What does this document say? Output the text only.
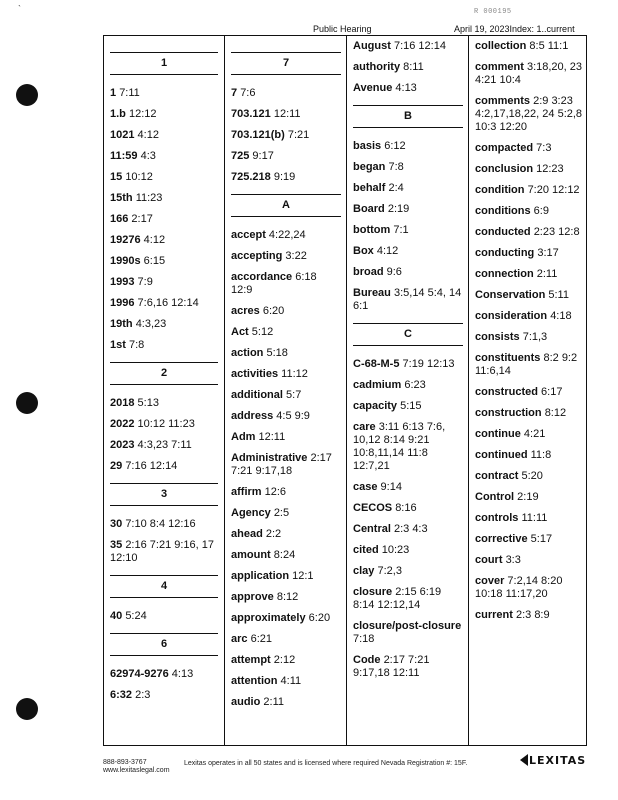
R 000195
`
Public Hearing	April 19, 2023Index: 1..current
1
1 7:11
1.b 12:12
1021 4:12
11:59 4:3
15 10:12
15th 11:23
166 2:17
19276 4:12
1990s 6:15
1993 7:9
1996 7:6,16 12:14
19th 4:3,23
1st 7:8
2
2018 5:13
2022 10:12 11:23
2023 4:3,23 7:11
29 7:16 12:14
3
30 7:10 8:4 12:16
35 2:16 7:21 9:16, 17 12:10
4
40 5:24
6
62974-9276 4:13
6:32 2:3
7
7 7:6
703.121 12:11
703.121(b) 7:21
725 9:17
725.218 9:19
A
accept 4:22,24
accepting 3:22
accordance 6:18 12:9
acres 6:20
Act 5:12
action 5:18
activities 11:12
additional 5:7
address 4:5 9:9
Adm 12:11
Administrative 2:17 7:21 9:17,18
affirm 12:6
Agency 2:5
ahead 2:2
amount 8:24
application 12:1
approve 8:12
approximately 6:20
arc 6:21
attempt 2:12
attention 4:11
audio 2:11
August 7:16 12:14
authority 8:11
Avenue 4:13
B
basis 6:12
began 7:8
behalf 2:4
Board 2:19
bottom 7:1
Box 4:12
broad 9:6
Bureau 3:5,14 5:4, 14 6:1
C
C-68-M-5 7:19 12:13
cadmium 6:23
capacity 5:15
care 3:11 6:13 7:6, 10,12 8:14 9:21 10:8,11,14 11:8 12:7,21
case 9:14
CECOS 8:16
Central 2:3 4:3
cited 10:23
clay 7:2,3
closure 2:15 6:19 8:14 12:12,14
closure/post-closure 7:18
Code 2:17 7:21 9:17,18 12:11
collection 8:5 11:1
comment 3:18,20, 23 4:21 10:4
comments 2:9 3:23 4:2,17,18,22, 24 5:2,8 10:3 12:20
compacted 7:3
conclusion 12:23
condition 7:20 12:12
conditions 6:9
conducted 2:23 12:8
conducting 3:17
connection 2:11
Conservation 5:11
consideration 4:18
consists 7:1,3
constituents 8:2 9:2 11:6,14
constructed 6:17
construction 8:12
continue 4:21
continued 11:8
contract 5:20
Control 2:19
controls 11:11
corrective 5:17
court 3:3
cover 7:2,14 8:20 10:18 11:17,20
current 2:3 8:9
888-893-3767
www.lexitaslegal.com
Lexitas operates in all 50 states and is licensed where required Nevada Registration #: 15F.	LEXITAS
